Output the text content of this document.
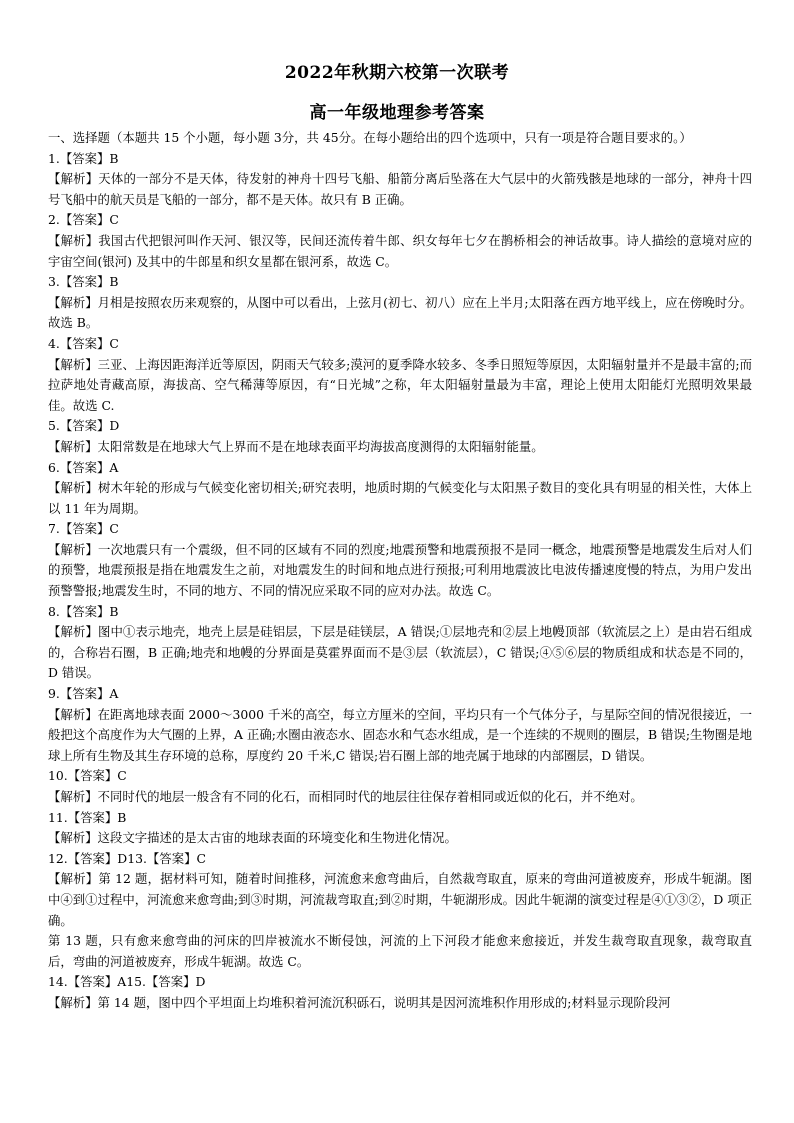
2022年秋期六校第一次联考
高一年级地理参考答案

一、选择题（本题共 15 个小题，每小题 3分，共 45分。在每小题给出的四个选项中，只有一项是符合题目要求的。）

1.【答案】B

【解析】天体的一部分不是天体，待发射的神舟十四号飞船、船箭分离后坠落在大气层中的火箭残骸是地球的一部分，神舟十四号飞船中的航天员是飞船的一部分，都不是天体。故只有 B 正确。

2.【答案】C

【解析】我国古代把银河叫作天河、银汉等，民间还流传着牛郎、织女每年七夕在鹊桥相会的神话故事。诗人描绘的意境对应的宇宙空间(银河) 及其中的牛郎星和织女星都在银河系，故选 C。

3.【答案】B

【解析】月相是按照农历来观察的，从图中可以看出，上弦月(初七、初八）应在上半月;太阳落在西方地平线上，应在傍晚时分。故选 B。

4.【答案】C

【解析】三亚、上海因距海洋近等原因，阴雨天气较多;漠河的夏季降水较多、冬季日照短等原因，太阳辐射量并不是最丰富的;而拉萨地处青藏高原，海拔高、空气稀薄等原因，有“日光城”之称，年太阳辐射量最为丰富，理论上使用太阳能灯光照明效果最佳。故选 C.

5.【答案】D

【解析】太阳常数是在地球大气上界而不是在地球表面平均海拔高度测得的太阳辐射能量。

6.【答案】A

【解析】树木年轮的形成与气候变化密切相关;研究表明，地质时期的气候变化与太阳黑子数目的变化具有明显的相关性，大体上以 11 年为周期。

7.【答案】C

【解析】一次地震只有一个震级，但不同的区域有不同的烈度;地震预警和地震预报不是同一概念，地震预警是地震发生后对人们的预警，地震预报是指在地震发生之前，对地震发生的时间和地点进行预报;可利用地震波比电波传播速度慢的特点，为用户发出预警警报;地震发生时，不同的地方、不同的情况应采取不同的应对办法。故选 C。

8.【答案】B

【解析】图中①表示地壳，地壳上层是硅铝层，下层是硅镁层，A 错误;①层地壳和②层上地幔顶部（软流层之上）是由岩石组成的，合称岩石圈，B 正确;地壳和地幔的分界面是莫霍界面而不是③层（软流层），C 错误;④⑤⑥层的物质组成和状态是不同的，D 错误。

9.【答案】A

【解析】在距离地球表面 2000～3000 千米的高空，每立方厘米的空间，平均只有一个气体分子，与星际空间的情况很接近，一般把这个高度作为大气圈的上界，A 正确;水圈由液态水、固态水和气态水组成，是一个连续的不规则的圈层，B 错误;生物圈是地球上所有生物及其生存环境的总称，厚度约 20 千米,C 错误;岩石圈上部的地壳属于地球的内部圈层，D 错误。

10.【答案】C

【解析】不同时代的地层一般含有不同的化石，而相同时代的地层往往保存着相同或近似的化石，并不绝对。

11.【答案】B

【解析】这段文字描述的是太古宙的地球表面的环境变化和生物进化情况。

12.【答案】D13.【答案】C

【解析】第 12 题，据材料可知，随着时间推移，河流愈来愈弯曲后，自然裁弯取直，原来的弯曲河道被废弃，形成牛轭湖。图中④到①过程中，河流愈来愈弯曲;到③时期，河流裁弯取直;到②时期，牛轭湖形成。因此牛轭湖的演变过程是④①③②，D 项正确。

第 13 题，只有愈来愈弯曲的河床的凹岸被流水不断侵蚀，河流的上下河段才能愈来愈接近，并发生裁弯取直现象，裁弯取直后，弯曲的河道被废弃，形成牛轭湖。故选 C。

14.【答案】A15.【答案】D

【解析】第 14 题，图中四个平坦面上均堆积着河流沉积砾石，说明其是因河流堆积作用形成的;材料显示现阶段河
